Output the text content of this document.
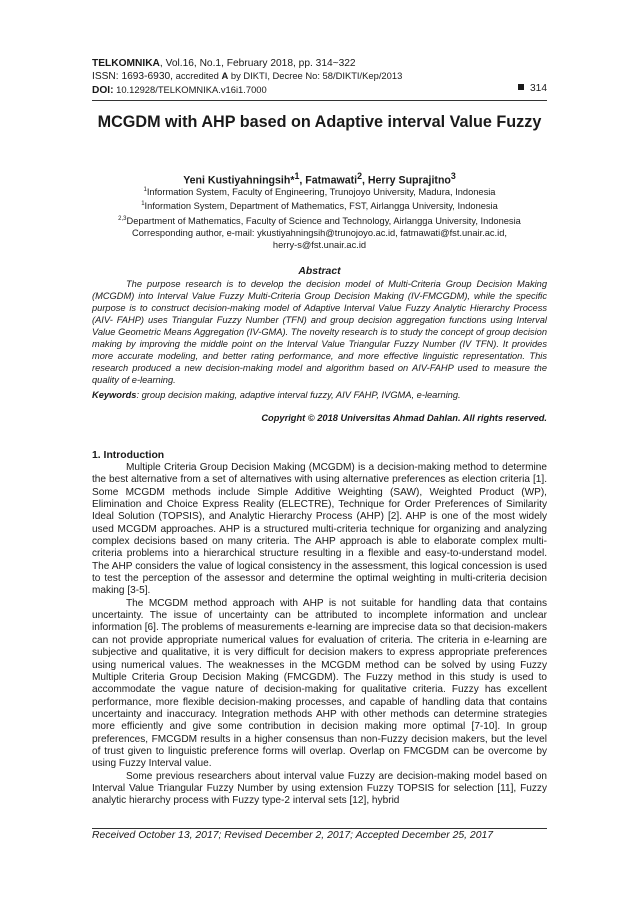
TELKOMNIKA, Vol.16, No.1, February 2018, pp. 314~322
ISSN: 1693-6930, accredited A by DIKTI, Decree No: 58/DIKTI/Kep/2013
DOI: 10.12928/TELKOMNIKA.v16i1.7000	314
MCGDM with AHP based on Adaptive interval Value Fuzzy
Yeni Kustiyahningsih*$^1$, Fatmawati$^2$, Herry Suprajitno$^3$
$^1$Information System, Faculty of Engineering, Trunojoyo University, Madura, Indonesia
$^1$Information System, Department of Mathematics, FST, Airlangga University, Indonesia
$^{2,3}$Department of Mathematics, Faculty of Science and Technology, Airlangga University, Indonesia
Corresponding author, e-mail: ykustiyahningsih@trunojoyo.ac.id, fatmawati@fst.unair.ac.id,
herry-s@fst.unair.ac.id
Abstract
The purpose research is to develop the decision model of Multi-Criteria Group Decision Making (MCGDM) into Interval Value Fuzzy Multi-Criteria Group Decision Making (IV-FMCGDM), while the specific purpose is to construct decision-making model of Adaptive Interval Value Fuzzy Analytic Hierarchy Process (AIV- FAHP) uses Triangular Fuzzy Number (TFN) and group decision aggregation functions using Interval Value Geometric Means Aggregation (IV-GMA). The novelty research is to study the concept of group decision making by improving the middle point on the Interval Value Triangular Fuzzy Number (IV TFN). It provides more accurate modeling, and better rating performance, and more effective linguistic representation. This research produced a new decision-making model and algorithm based on AIV-FAHP used to measure the quality of e-learning.
Keywords: group decision making, adaptive interval fuzzy, AIV FAHP, IVGMA, e-learning.
Copyright © 2018 Universitas Ahmad Dahlan. All rights reserved.
1. Introduction

Multiple Criteria Group Decision Making (MCGDM) is a decision-making method to determine the best alternative from a set of alternatives with using alternative preferences as election criteria [1]. Some MCGDM methods include Simple Additive Weighting (SAW), Weighted Product (WP), Elimination and Choice Express Reality (ELECTRE), Technique for Order Preferences of Similarity Ideal Solution (TOPSIS), and Analytic Hierarchy Process (AHP) [2]. AHP is one of the most widely used MCGDM approaches. AHP is a structured multi-criteria technique for organizing and analyzing complex decisions based on many criteria. The AHP approach is able to elaborate complex multi-criteria problems into a hierarchical structure resulting in a flexible and easy-to-understand model. The AHP considers the value of logical consistency in the assessment, this logical concession is used to test the perception of the assessor and determine the optimal weighting in multi-criteria decision making [3-5].

The MCGDM method approach with AHP is not suitable for handling data that contains uncertainty. The issue of uncertainty can be attributed to incomplete information and unclear information [6]. The problems of measurements e-learning are imprecise data so that decision-makers can not provide appropriate numerical values for evaluation of criteria. The criteria in e-learning are subjective and qualitative, it is very difficult for decision makers to express appropriate preferences using numerical values. The weaknesses in the MCGDM method can be solved by using Fuzzy Multiple Criteria Group Decision Making (FMCGDM). The Fuzzy method in this study is used to accommodate the vague nature of decision-making for qualitative criteria. Fuzzy has excellent performance, more flexible decision-making processes, and capable of handling data that contains uncertainty and inaccuracy. Integration methods AHP with other methods can determine strategies more efficiently and give some contribution in decision making more optimal [7-10]. In group preferences, FMCGDM results in a higher consensus than non-Fuzzy decision makers, but the level of trust given to linguistic preference forms will overlap. Overlap on FMCGDM can be overcome by using Fuzzy Interval value.

Some previous researchers about interval value Fuzzy are decision-making model based on Interval Value Triangular Fuzzy Number by using extension Fuzzy TOPSIS for selection [11], Fuzzy analytic hierarchy process with Fuzzy type-2 interval sets [12], hybrid

Received October 13, 2017; Revised December 2, 2017; Accepted December 25, 2017
